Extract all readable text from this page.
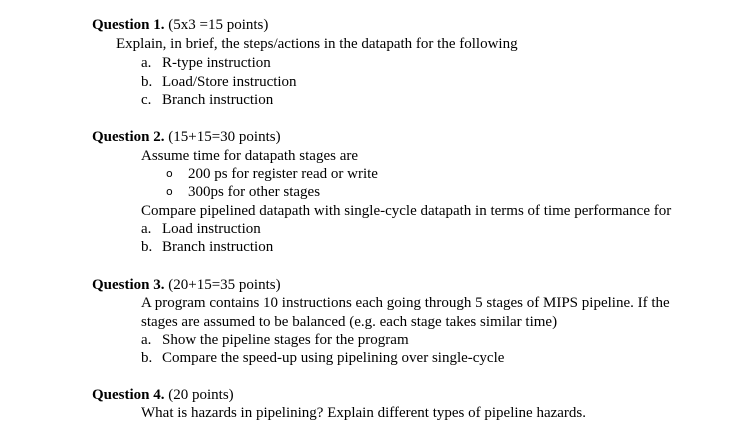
Question 1. (5x3 =15 points)
Explain, in brief, the steps/actions in the datapath for the following
a. R-type instruction
b. Load/Store instruction
c. Branch instruction
Question 2. (15+15=30 points)
Assume time for datapath stages are
o 200 ps for register read or write
o 300ps for other stages
Compare pipelined datapath with single-cycle datapath in terms of time performance for
a. Load instruction
b. Branch instruction
Question 3. (20+15=35 points)
A program contains 10 instructions each going through 5 stages of MIPS pipeline. If the
stages are assumed to be balanced (e.g. each stage takes similar time)
a. Show the pipeline stages for the program
b. Compare the speed-up using pipelining over single-cycle
Question 4. (20 points)
What is hazards in pipelining? Explain different types of pipeline hazards.
